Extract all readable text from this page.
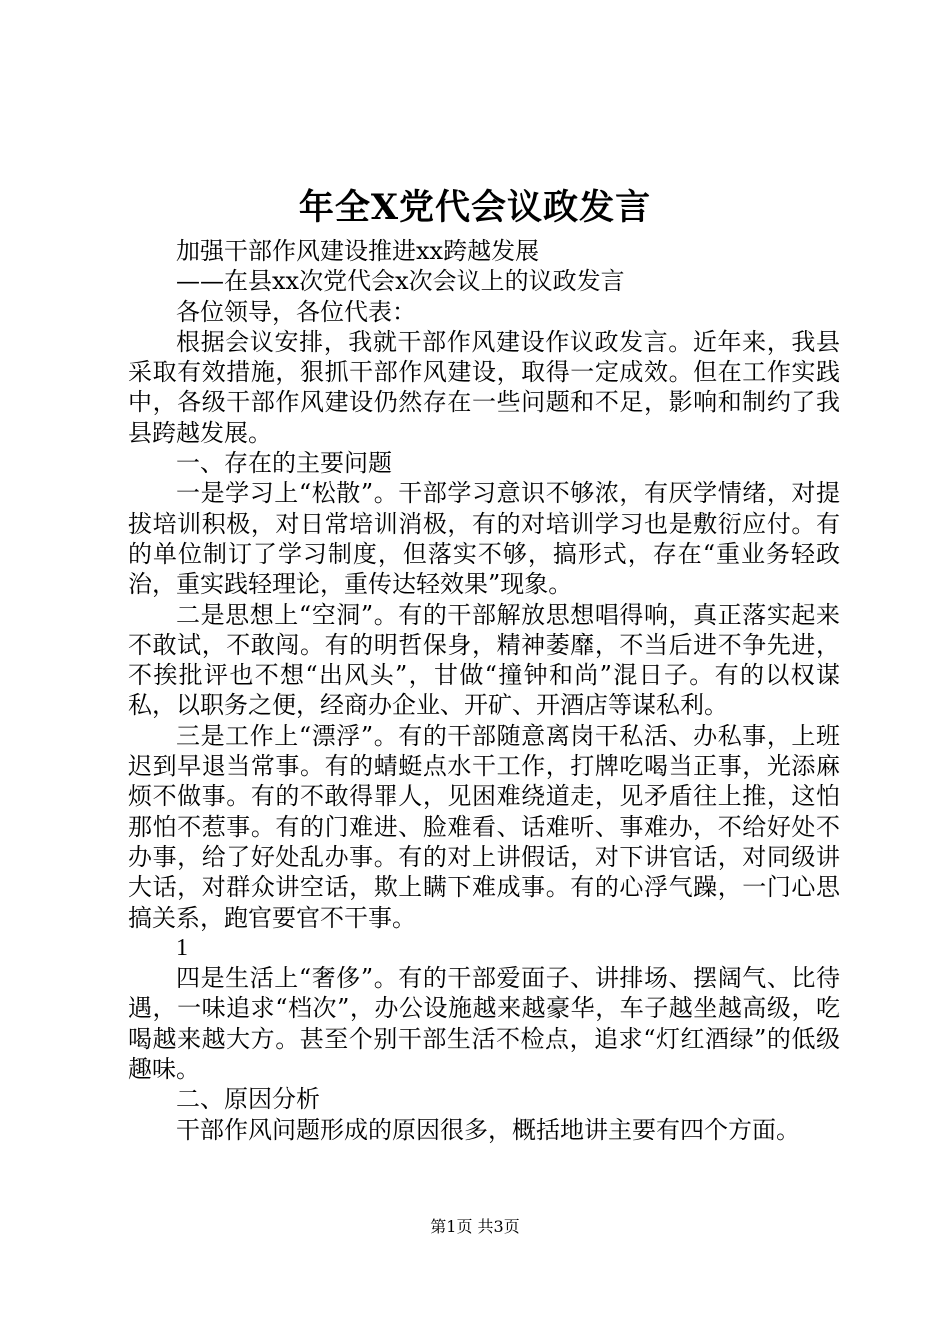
年全X党代会议政发言

加强干部作风建设推进xx跨越发展

——在县xx次党代会x次会议上的议政发言

各位领导，各位代表：

根据会议安排，我就干部作风建设作议政发言。近年来，我县采取有效措施，狠抓干部作风建设，取得一定成效。但在工作实践中，各级干部作风建设仍然存在一些问题和不足，影响和制约了我县跨越发展。

一、存在的主要问题

一是学习上“松散”。干部学习意识不够浓，有厌学情绪，对提拔培训积极，对日常培训消极，有的对培训学习也是敷衍应付。有的单位制订了学习制度，但落实不够，搞形式，存在“重业务轻政治，重实践轻理论，重传达轻效果”现象。

二是思想上“空洞”。有的干部解放思想唱得响，真正落实起来不敢试，不敢闯。有的明哲保身，精神萎靡，不当后进不争先进，不挨批评也不想“出风头”，甘做“撞钟和尚”混日子。有的以权谋私，以职务之便，经商办企业、开矿、开酒店等谋私利。

三是工作上“漂浮”。有的干部随意离岗干私活、办私事，上班迟到早退当常事。有的蜻蜓点水干工作，打牌吃喝当正事，光添麻烦不做事。有的不敢得罪人，见困难绕道走，见矛盾往上推，这怕那怕不惹事。有的门难进、脸难看、话难听、事难办，不给好处不办事，给了好处乱办事。有的对上讲假话，对下讲官话，对同级讲大话，对群众讲空话，欺上瞒下难成事。有的心浮气躁，一门心思搞关系，跑官要官不干事。

1

四是生活上“奢侈”。有的干部爱面子、讲排场、摆阔气、比待遇，一味追求“档次”，办公设施越来越豪华，车子越坐越高级，吃喝越来越大方。甚至个别干部生活不检点，追求“灯红酒绿”的低级趣味。

二、原因分析

干部作风问题形成的原因很多，概括地讲主要有四个方面。

第1页 共3页
